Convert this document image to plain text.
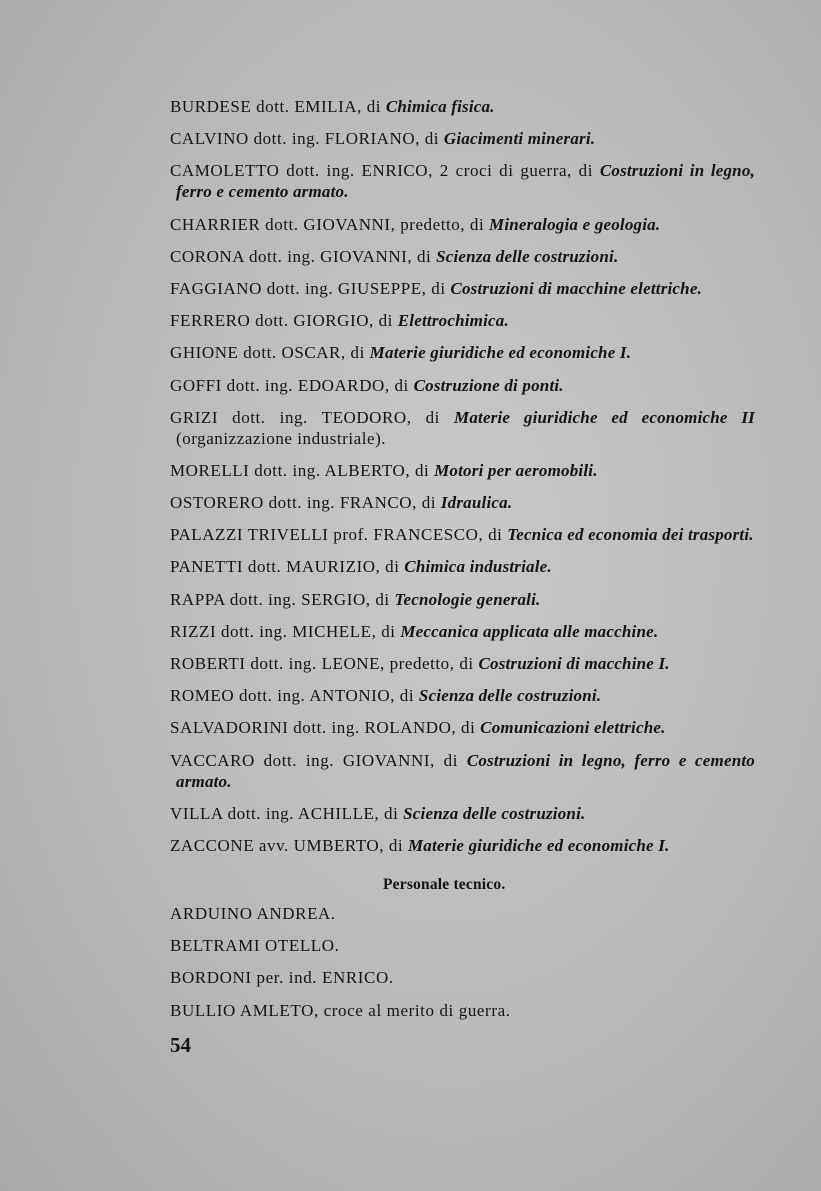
BURDESE dott. EMILIA, di Chimica fisica.
CALVINO dott. ing. FLORIANO, di Giacimenti minerari.
CAMOLETTO dott. ing. ENRICO, 2 croci di guerra, di Costruzioni in legno, ferro e cemento armato.
CHARRIER dott. GIOVANNI, predetto, di Mineralogia e geologia.
CORONA dott. ing. GIOVANNI, di Scienza delle costruzioni.
FAGGIANO dott. ing. GIUSEPPE, di Costruzioni di macchine elettriche.
FERRERO dott. GIORGIO, di Elettrochimica.
GHIONE dott. OSCAR, di Materie giuridiche ed economiche I.
GOFFI dott. ing. EDOARDO, di Costruzione di ponti.
GRIZI dott. ing. TEODORO, di Materie giuridiche ed economiche II (organizzazione industriale).
MORELLI dott. ing. ALBERTO, di Motori per aeromobili.
OSTORERO dott. ing. FRANCO, di Idraulica.
PALAZZI TRIVELLI prof. FRANCESCO, di Tecnica ed economia dei trasporti.
PANETTI dott. MAURIZIO, di Chimica industriale.
RAPPA dott. ing. SERGIO, di Tecnologie generali.
RIZZI dott. ing. MICHELE, di Meccanica applicata alle macchine.
ROBERTI dott. ing. LEONE, predetto, di Costruzioni di macchine I.
ROMEO dott. ing. ANTONIO, di Scienza delle costruzioni.
SALVADORINI dott. ing. ROLANDO, di Comunicazioni elettriche.
VACCARO dott. ing. GIOVANNI, di Costruzioni in legno, ferro e cemento armato.
VILLA dott. ing. ACHILLE, di Scienza delle costruzioni.
ZACCONE avv. UMBERTO, di Materie giuridiche ed economiche I.
Personale tecnico.
ARDUINO ANDREA.
BELTRAMI OTELLO.
BORDONI per. ind. ENRICO.
BULLIO AMLETO, croce al merito di guerra.
54
